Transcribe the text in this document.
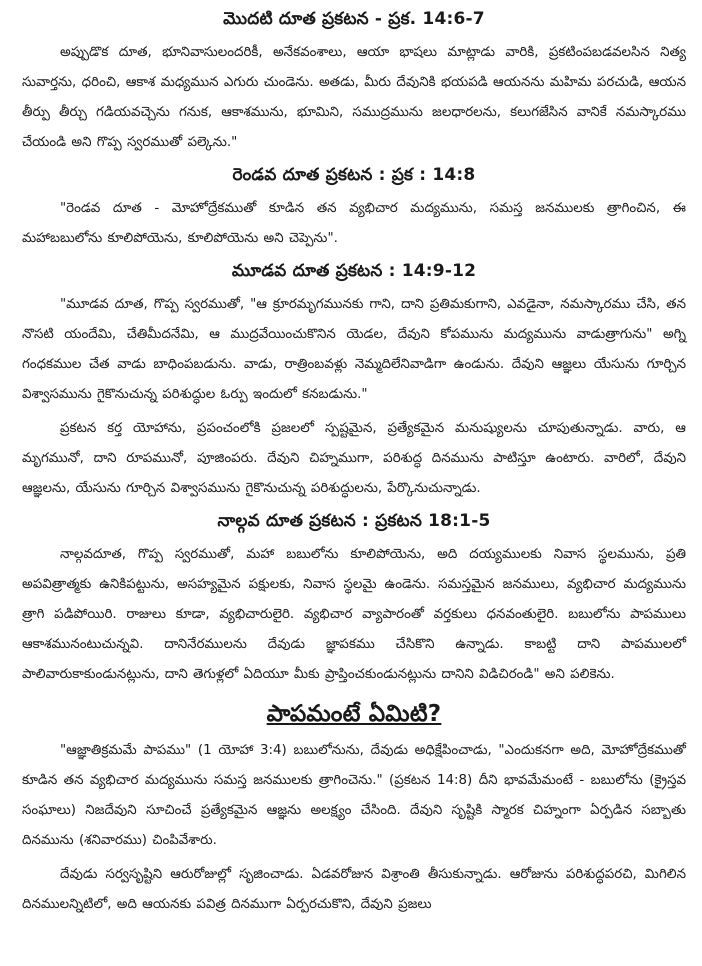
మొదటి దూత ప్రకటన - ప్రక. 14:6-7

అప్పుడొక దూత, భూనివాసులందరికీ, అనేకవంశాలు, ఆయా భాషలు మాట్లాడు వారికి, ప్రకటింపబడవలసిన నిత్య సువార్తను, ధరించి, ఆకాశ మధ్యమున ఎగురు చుండెను. అతడు, మీరు దేవునికి భయపడి ఆయనను మహిమ పరచుడి, ఆయన తీర్పు తీర్చు గడియవచ్చెను గనుక, ఆకాశమును, భూమిని, సముద్రమును జలధారలను, కలుగజేసిన వానికే నమస్కారము చేయండి అని గొప్ప స్వరముతో పల్కెను."

రెండవ దూత ప్రకటన : ప్రక : 14:8

"రెండవ దూత - మోహోద్రేకముతో కూడిన తన వ్యభిచార మద్యమును, సమస్త జనములకు త్రాగించిన, ఈ మహాబబులోను కూలిపోయెను, కూలిపోయెను అని చెప్పెను".

మూడవ దూత ప్రకటన : 14:9-12

"మూడవ దూత, గొప్ప స్వరముతో, "ఆ క్రూరమృగమునకు గాని, దాని ప్రతిమకుగాని, ఎవడైనా, నమస్కారము చేసి, తన నొసటి యందేమి, చేతిమీదనేమి, ఆ ముద్రవేయించుకొనిన యెడల, దేవుని కోపమును మద్యమును వాడుత్రాగును" అగ్ని గంధకముల చేత వాడు బాధింపబడును. వాడు, రాత్రింబవళ్లు నెమ్మదిలేనివాడిగా ఉండును. దేవుని ఆజ్ఞలు యేసును గూర్చిన విశ్వాసమును గైకొనుచున్న పరిశుద్ధుల ఓర్పు ఇందులో కనబడును."

ప్రకటన కర్త యోహాను, ప్రపంచంలోకి ప్రజలలో స్పష్టమైన, ప్రత్యేకమైన మనుష్యులను చూపుతున్నాడు. వారు, ఆ మృగమునో, దాని రూపమునో, పూజింపరు. దేవుని చిహ్నముగా, పరిశుద్ధ దినమును పాటిస్తూ ఉంటారు. వారిలో, దేవుని ఆజ్ఞలను, యేసును గూర్చిన విశ్వాసమును గైకొనుచున్న పరిశుద్ధులను, పేర్కొనుచున్నాడు.

నాల్గవ దూత ప్రకటన : ప్రకటన 18:1-5

నాల్గవదూత, గొప్ప స్వరముతో, మహా బబులోను కూలిపోయెను, అది దయ్యములకు నివాస స్థలమును, ప్రతి అపవిత్రాత్మకు ఉనికిపట్టును, అసహ్యమైన పక్షులకు, నివాస స్థలమై ఉండెను. సమస్తమైన జనములు, వ్యభిచార మద్యమును త్రాగి పడిపోయిరి. రాజులు కూడా, వ్యభిచారులైరి. వ్యభిచార వ్యాపారంతో వర్తకులు ధనవంతులైరి. బబులోను పాపములు ఆకాశమునంటుచున్నవి. దానినేరములను దేవుడు జ్ఞాపకము చేసికొని ఉన్నాడు. కాబట్టి దాని పాపములలో పాలివారుకాకుండునట్లును, దాని తెగుళ్లలో ఏదియూ మీకు ప్రాప్తించకుండునట్లును దానిని విడిచిరండి" అని పలికెను.

పాపమంటే ఏమిటి?

"ఆజ్ఞాతిక్రమమే పాపము" (1 యోహా 3:4) బబులోనును, దేవుడు అధిక్షేపించాడు, "ఎందుకనగా అది, మోహోద్రేకముతో కూడిన తన వ్యభిచార మద్యమును సమస్త జనములకు త్రాగించెను." (ప్రకటన 14:8) దీని భావమేమంటే - బబులోను (క్రైస్తవ సంఘాలు) నిజదేవుని సూచించే ప్రత్యేకమైన ఆజ్ఞను అలక్ష్యం చేసింది. దేవుని సృష్టికి స్మారక చిహ్నంగా ఏర్పడిన సబ్బాతు దినమును (శనివారము) చింపివేశారు.

దేవుడు సర్వసృష్టిని ఆరురోజుల్లో సృజించాడు. ఏడవరోజున విశ్రాంతి తీసుకున్నాడు. ఆరోజును పరిశుద్ధపరచి, మిగిలిన దినములన్నిటిలో, అది ఆయనకు పవిత్ర దినముగా ఏర్పరచుకొని, దేవుని ప్రజలు
